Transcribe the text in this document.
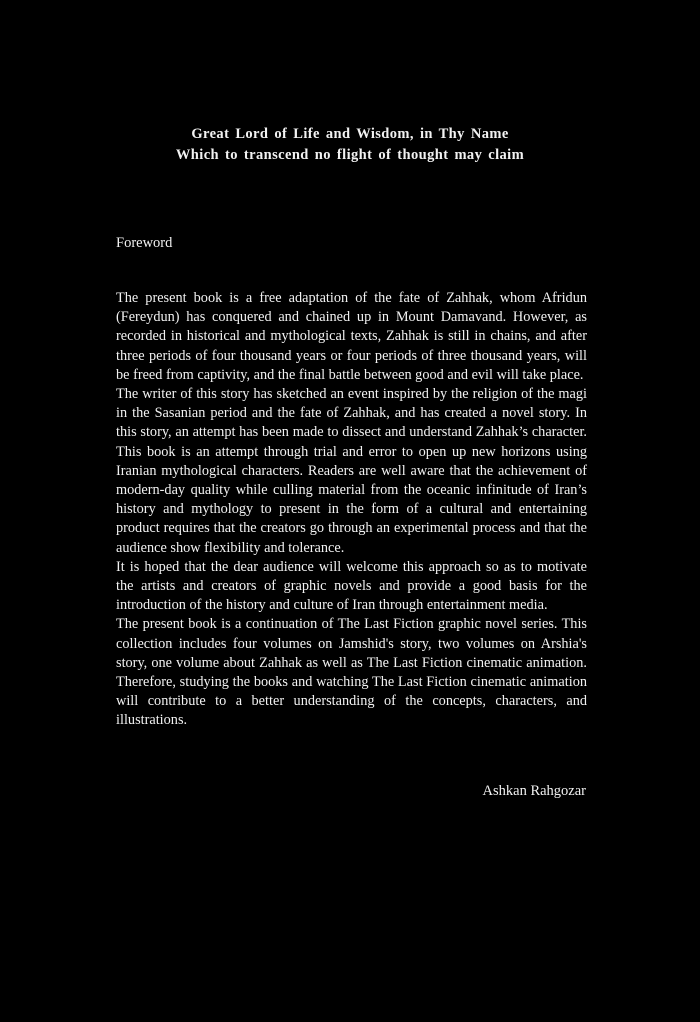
Great Lord of Life and Wisdom, in Thy Name
Which to transcend no flight of thought may claim
Foreword

The present book is a free adaptation of the fate of Zahhak, whom Afridun (Fereydun) has conquered and chained up in Mount Damavand. However, as recorded in historical and mythological texts, Zahhak is still in chains, and after three periods of four thousand years or four periods of three thousand years, will be freed from captivity, and the final battle between good and evil will take place.

The writer of this story has sketched an event inspired by the religion of the magi in the Sasanian period and the fate of Zahhak, and has created a novel story. In this story, an attempt has been made to dissect and understand Zahhak’s character. This book is an attempt through trial and error to open up new horizons using Iranian mythological characters. Readers are well aware that the achievement of modern-day quality while culling material from the oceanic infinitude of Iran’s history and mythology to present in the form of a cultural and entertaining product requires that the creators go through an experimental process and that the audience show flexibility and tolerance.

It is hoped that the dear audience will welcome this approach so as to motivate the artists and creators of graphic novels and provide a good basis for the introduction of the history and culture of Iran through entertainment media.

The present book is a continuation of The Last Fiction graphic novel series. This collection includes four volumes on Jamshid's story, two volumes on Arshia's story, one volume about Zahhak as well as The Last Fiction cinematic animation. Therefore, studying the books and watching The Last Fiction cinematic animation will contribute to a better understanding of the concepts, characters, and illustrations.

Ashkan Rahgozar
